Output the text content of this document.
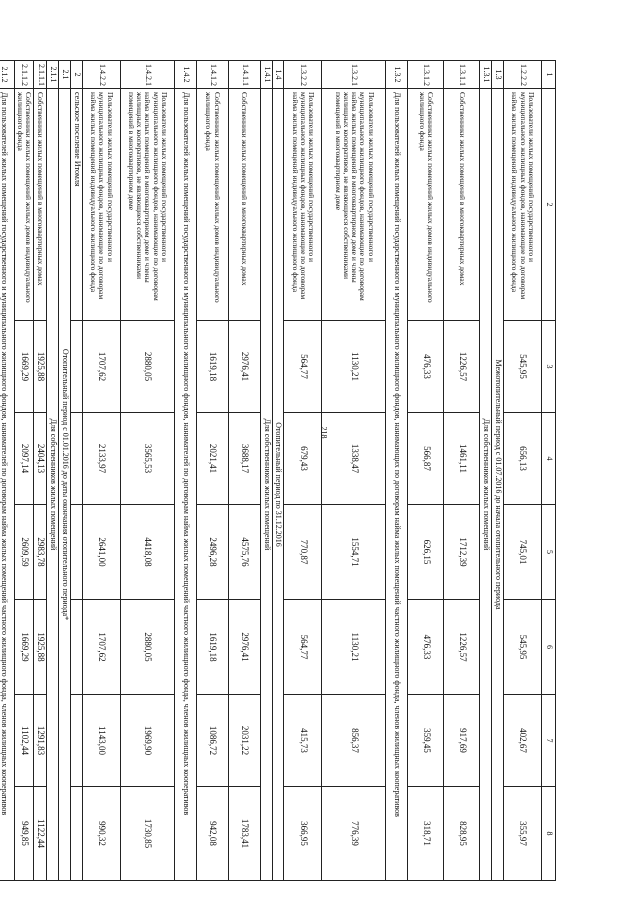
218
1	2	3	4	5	6	7	8
1.2.2.2	Пользователи жилых помещений государственного и муниципального жилищных фондов, нанимающие по договорам найма жилых помещений индивидуального жилищного фонда	545,95	656,13	745,01	545,95	402,67	355,97
1.3	Межотопительный период с 01.07.2016 до начала отопительного периода						
1.3.1	Для собственников жилых помещений						
1.3.1.1	Собственники жилых помещений в многоквартирных домах	1226,57	1461,11	1712,39	1226,57	917,69	828,95
1.3.1.2	Собственники жилых помещений жилых домов индивидуального жилищного фонда	476,33	566,87	626,15	476,33	359,45	318,71
1.3.2	Для пользователей жилых помещений государственного и муниципального жилищного фондов, нанимающих по договорам найма жилых помещений частного жилищного фонда, членов жилищных кооперативов						
1.3.2.1	Пользователи жилых помещений государственного и муниципального жилищного фондов, нанимающие по договорам найма жилых помещений в многоквартирном доме и члены жилищных кооперативов, не являющиеся собственниками помещений в многоквартирном доме	1130,21	1338,47	1554,71	1130,21	856,37	776,39
1.3.2.2	Пользователи жилых помещений государственного и муниципального жилищных фондов, нанимающие по договорам найма жилых помещений индивидуального жилищного фонда	564,77	679,43	770,87	564,77	415,73	366,95
1.4	Отопительный период по 31.12.2016						
1.4.1	Для собственников жилых помещений						
1.4.1.1	Собственники жилых помещений в многоквартирных домах	2976,41	3688,17	4575,76	2976,41	2031,22	1783,41
1.4.1.2	Собственники жилых помещений жилых домов индивидуального жилищного фонда	1619,18	2021,41	2496,28	1619,18	1086,72	942,08
1.4.2	Для пользователей жилых помещений государственного и муниципального жилищного фондов, нанимателей по договорам найма жилых помещений частного жилищного фонда, членов жилищных кооперативов						
1.4.2.1	Пользователи жилых помещений государственного и муниципального жилищного фондов, нанимающие по договорам найма жилых помещений в многоквартирном доме и члены жилищных кооперативов, не являющиеся собственниками помещений в многоквартирном доме	2880,05	3565,53	4418,08	2880,05	1969,90	1730,85
1.4.2.2	Пользователи жилых помещений государственного и муниципального жилищных фондов, нанимающие по договорам найма жилых помещений индивидуального жилищного фонда	1707,62	2133,97	2641,00	1707,62	1143,00	990,32
2	сельское поселение Итомля						
2.1	Отопительный период с 01.01.2016 до даты окончания отопительного периода*						
2.1.1	Для собственников жилых помещений						
2.1.1.1	Собственники жилых помещений в многоквартирных домах	1925,88	2404,13	2983,78	1925,88	1291,83	1122,44
2.1.1.2	Собственники жилых помещений жилых домов индивидуального жилищного фонда	1669,29	2097,14	2609,59	1669,29	1102,44	949,85
2.1.2	Для пользователей жилых помещений государственного и муниципального жилищного фондов, нанимателей по договорам найма жилых помещений частного жилищного фонда, членов жилищных кооперативов						
